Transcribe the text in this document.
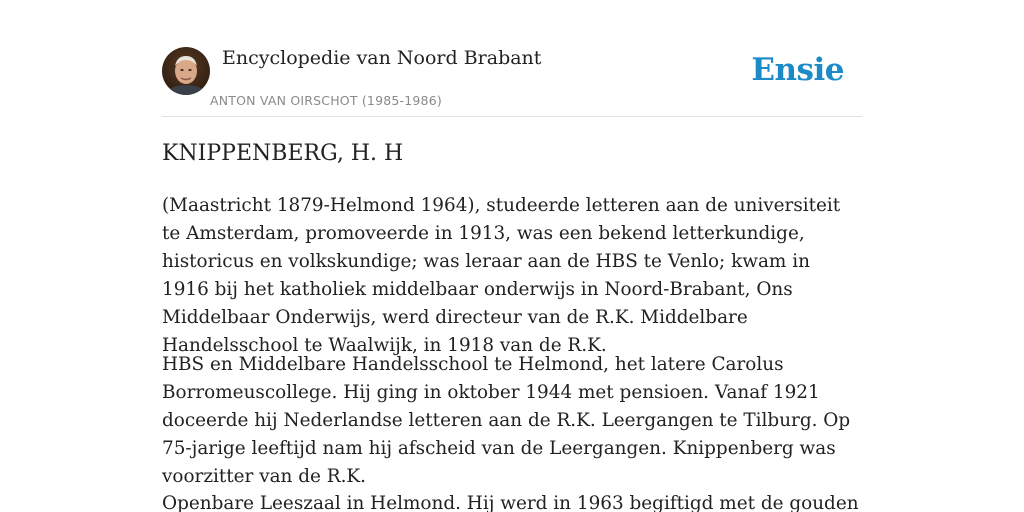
Encyclopedie van Noord Brabant
ANTON VAN OIRSCHOT (1985-1986)
Ensie
KNIPPENBERG, H. H

(Maastricht 1879-Helmond 1964), studeerde letteren aan de universiteit te Amsterdam, promoveerde in 1913, was een bekend letterkundige, historicus en volkskundige; was leraar aan de HBS te Venlo; kwam in 1916 bij het katholiek middelbaar onderwijs in Noord-Brabant, Ons Middelbaar Onderwijs, werd directeur van de R.K. Middelbare Handelsschool te Waalwijk, in 1918 van de R.K.

HBS en Middelbare Handelsschool te Helmond, het latere Carolus Borromeuscollege. Hij ging in oktober 1944 met pensioen. Vanaf 1921 doceerde hij Nederlandse letteren aan de R.K. Leergangen te Tilburg. Op 75-jarige leeftijd nam hij afscheid van de Leergangen. Knippenberg was voorzitter van de R.K.

Openbare Leeszaal in Helmond. Hij werd in 1963 begiftigd met de gouden
